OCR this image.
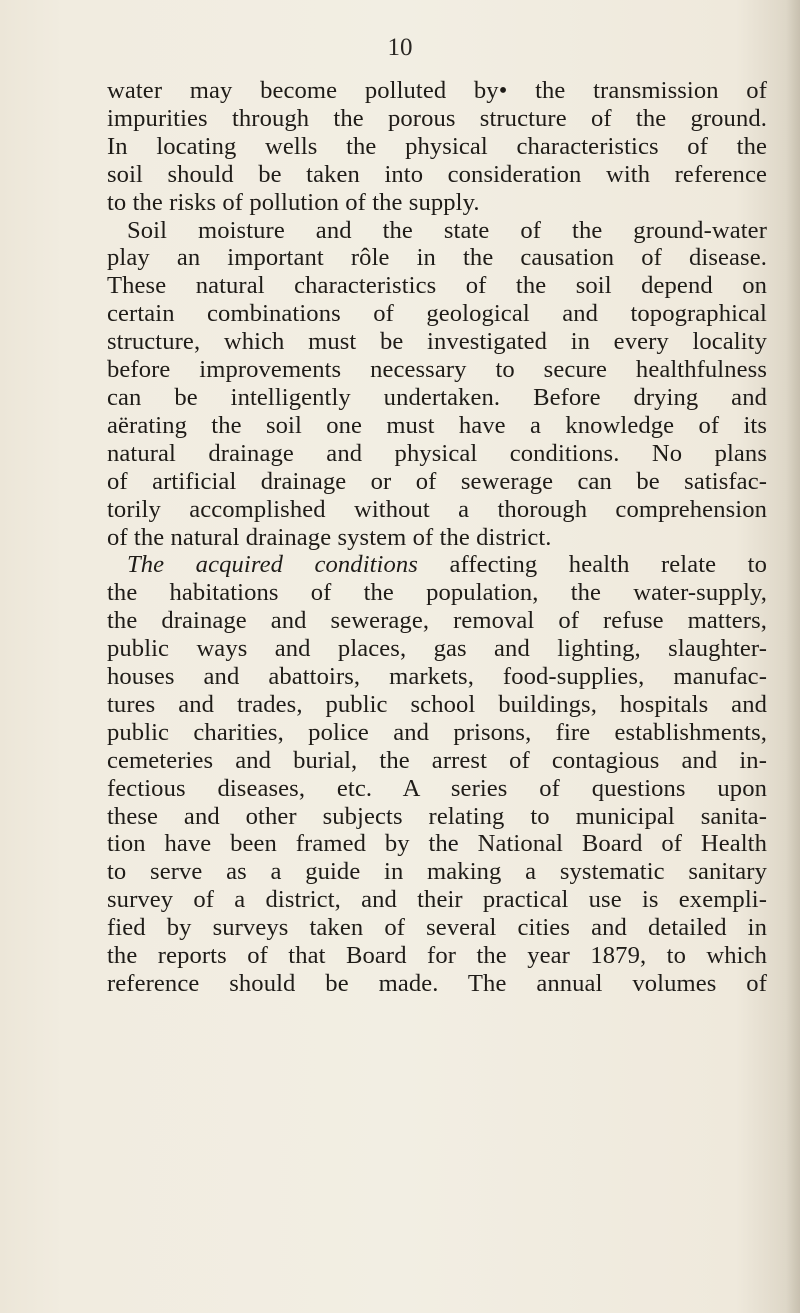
10
water may become polluted by• the transmission of
impurities through the porous structure of the ground.
In locating wells the physical characteristics of the
soil should be taken into consideration with reference
to the risks of pollution of the supply.
Soil moisture and the state of the ground-water
play an important rôle in the causation of disease.
These natural characteristics of the soil depend on
certain combinations of geological and topographical
structure, which must be investigated in every locality
before improvements necessary to secure healthfulness
can be intelligently undertaken. Before drying and
aërating the soil one must have a knowledge of its
natural drainage and physical conditions. No plans
of artificial drainage or of sewerage can be satisfac-
torily accomplished without a thorough comprehension
of the natural drainage system of the district.
The acquired conditions affecting health relate to
the habitations of the population, the water-supply,
the drainage and sewerage, removal of refuse matters,
public ways and places, gas and lighting, slaughter-
houses and abattoirs, markets, food-supplies, manufac-
tures and trades, public school buildings, hospitals and
public charities, police and prisons, fire establishments,
cemeteries and burial, the arrest of contagious and in-
fectious diseases, etc. A series of questions upon
these and other subjects relating to municipal sanita-
tion have been framed by the National Board of Health
to serve as a guide in making a systematic sanitary
survey of a district, and their practical use is exempli-
fied by surveys taken of several cities and detailed in
the reports of that Board for the year 1879, to which
reference should be made. The annual volumes of
